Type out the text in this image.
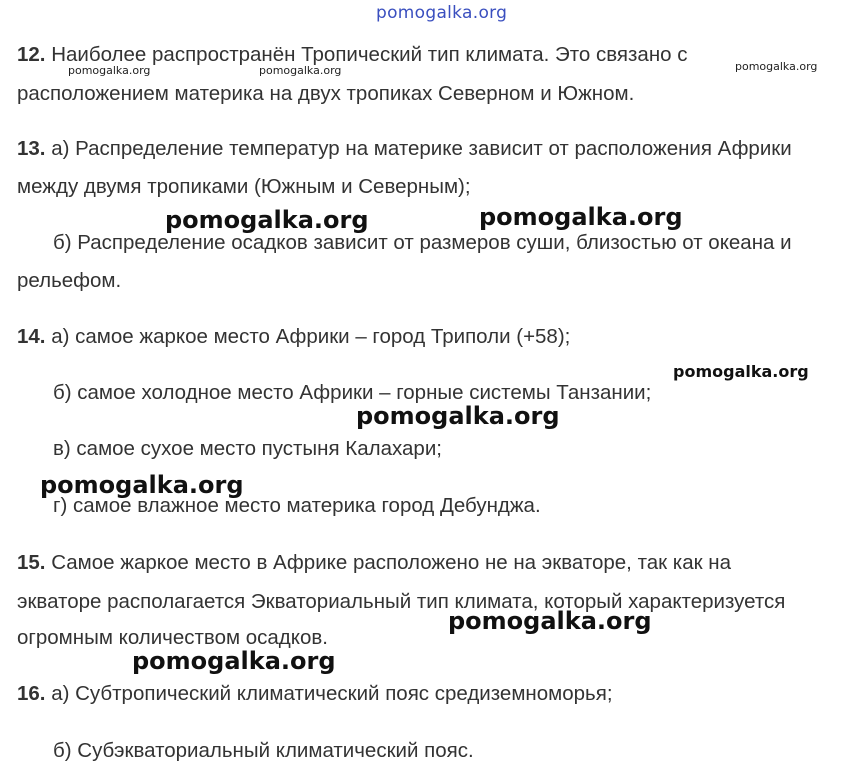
pomogalka.org
12. Наиболее распространён Тропический тип климата. Это связано с
расположением материка на двух тропиках Северном и Южном.
13. а) Распределение температур на материке зависит от расположения Африки
между двумя тропиками (Южным и Северным);
б) Распределение осадков зависит от размеров суши, близостью от океана и
рельефом.
14. а) самое жаркое место Африки – город Триполи (+58);
б) самое холодное место Африки – горные системы Танзании;
в) самое сухое место пустыня Калахари;
г) самое влажное место материка город Дебунджа.
15. Самое жаркое место в Африке расположено не на экваторе, так как на
экваторе располагается Экваториальный тип климата, который характеризуется
огромным количеством осадков.
16. а) Субтропический климатический пояс средиземноморья;
б) Субэкваториальный климатический пояс.
pomogalka.org	pomogalka.org	pomogalka.org
pomogalka.org	pomogalka.org
pomogalka.org
pomogalka.org
pomogalka.org
pomogalka.org
pomogalka.org
